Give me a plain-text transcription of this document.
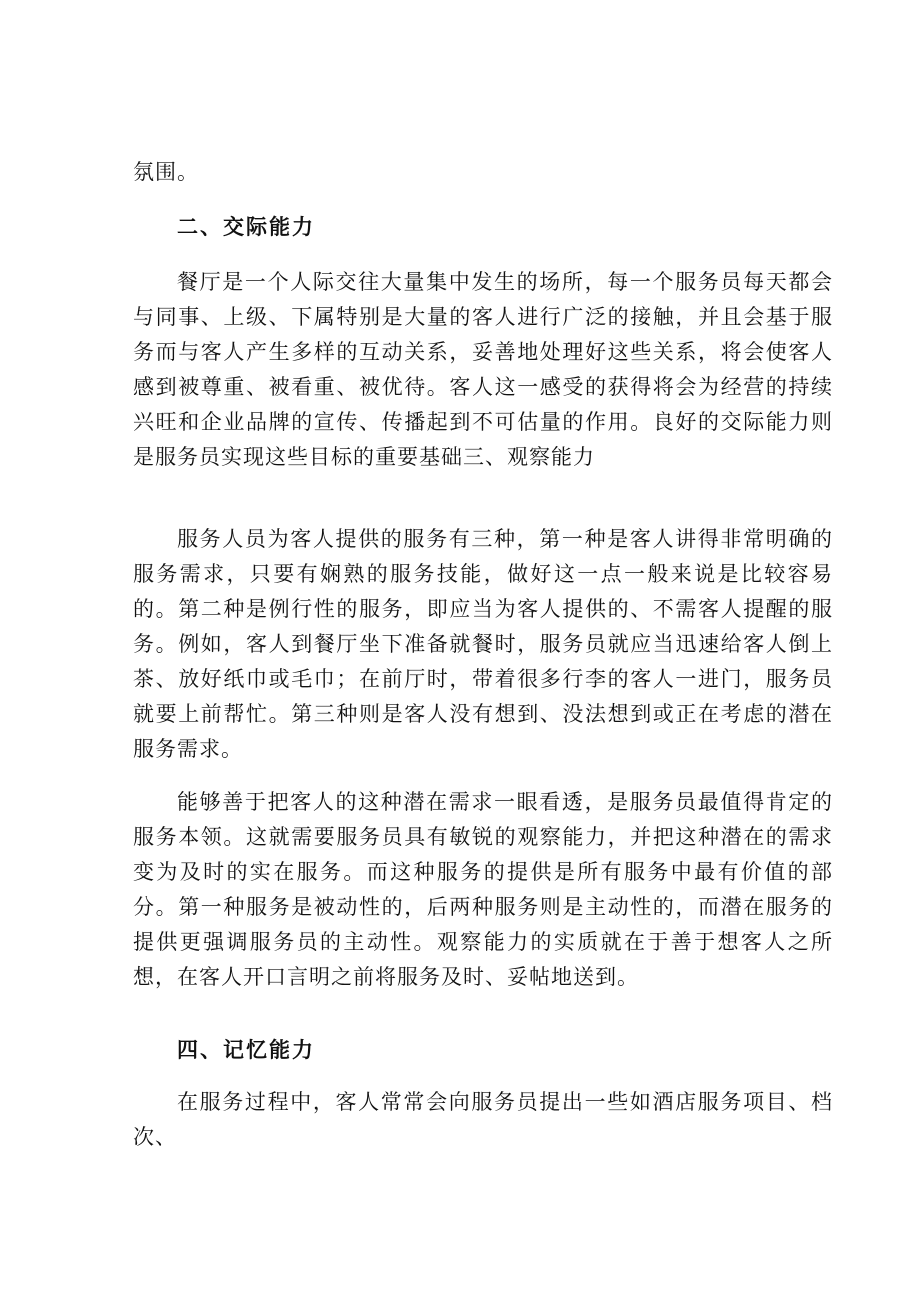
氛围。

二、交际能力

餐厅是一个人际交往大量集中发生的场所，每一个服务员每天都会与同事、上级、下属特别是大量的客人进行广泛的接触，并且会基于服务而与客人产生多样的互动关系，妥善地处理好这些关系，将会使客人感到被尊重、被看重、被优待。客人这一感受的获得将会为经营的持续兴旺和企业品牌的宣传、传播起到不可估量的作用。良好的交际能力则是服务员实现这些目标的重要基础三、观察能力

服务人员为客人提供的服务有三种，第一种是客人讲得非常明确的服务需求，只要有娴熟的服务技能，做好这一点一般来说是比较容易的。第二种是例行性的服务，即应当为客人提供的、不需客人提醒的服务。例如，客人到餐厅坐下准备就餐时，服务员就应当迅速给客人倒上茶、放好纸巾或毛巾；在前厅时，带着很多行李的客人一进门，服务员就要上前帮忙。第三种则是客人没有想到、没法想到或正在考虑的潜在服务需求。

能够善于把客人的这种潜在需求一眼看透，是服务员最值得肯定的服务本领。这就需要服务员具有敏锐的观察能力，并把这种潜在的需求变为及时的实在服务。而这种服务的提供是所有服务中最有价值的部分。第一种服务是被动性的，后两种服务则是主动性的，而潜在服务的提供更强调服务员的主动性。观察能力的实质就在于善于想客人之所想，在客人开口言明之前将服务及时、妥帖地送到。

四、记忆能力

在服务过程中，客人常常会向服务员提出一些如酒店服务项目、档次、
